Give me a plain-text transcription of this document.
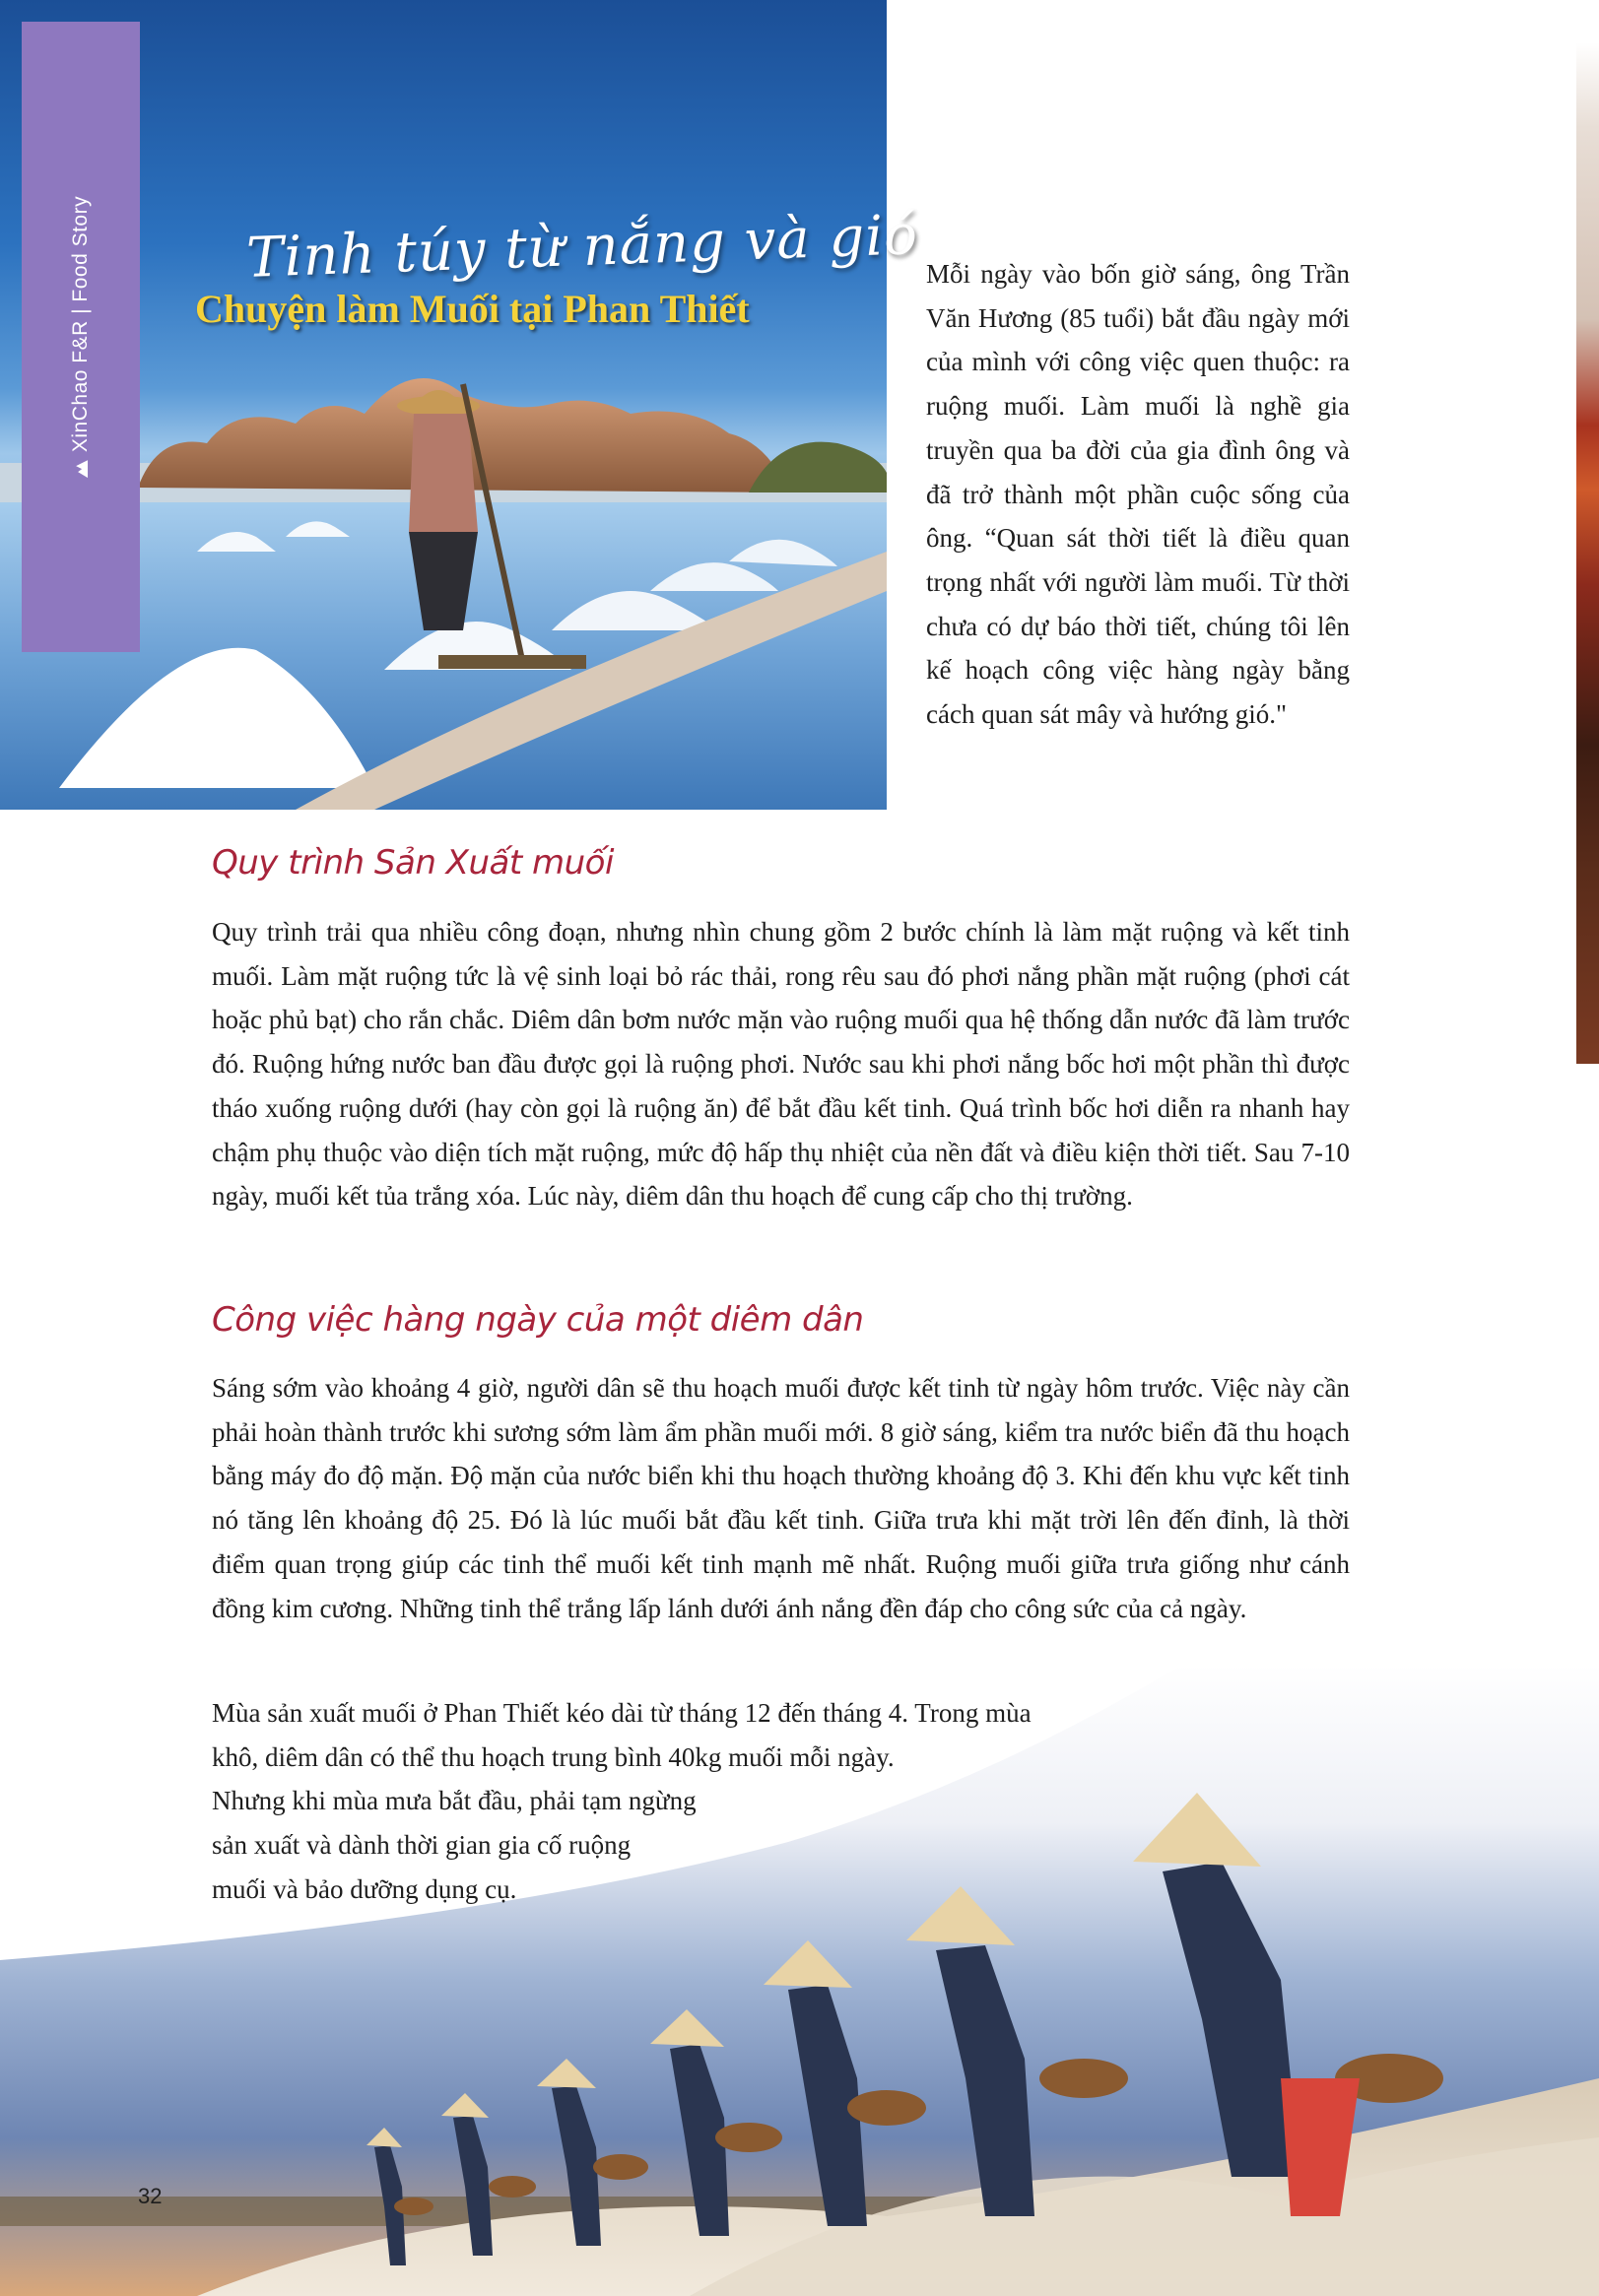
XinChao F&R | Food Story	Tinh túy từ nắng và gió
Chuyện làm Muối tại Phan Thiết
Mỗi ngày vào bốn giờ sáng, ông Trần Văn Hương (85 tuổi) bắt đầu ngày mới của mình với công việc quen thuộc: ra ruộng muối. Làm muối là nghề gia truyền qua ba đời của gia đình ông và đã trở thành một phần cuộc sống của ông. “Quan sát thời tiết là điều quan trọng nhất với người làm muối. Từ thời chưa có dự báo thời tiết, chúng tôi lên kế hoạch công việc hàng ngày bằng cách quan sát mây và hướng gió."
Quy trình Sản Xuất muối
Quy trình trải qua nhiều công đoạn, nhưng nhìn chung gồm 2 bước chính là làm mặt ruộng và kết tinh muối. Làm mặt ruộng tức là vệ sinh loại bỏ rác thải, rong rêu sau đó phơi nắng phần mặt ruộng (phơi cát hoặc phủ bạt) cho rắn chắc. Diêm dân bơm nước mặn vào ruộng muối qua hệ thống dẫn nước đã làm trước đó. Ruộng hứng nước ban đầu được gọi là ruộng phơi. Nước sau khi phơi nắng bốc hơi một phần thì được tháo xuống ruộng dưới (hay còn gọi là ruộng ăn) để bắt đầu kết tinh. Quá trình bốc hơi diễn ra nhanh hay chậm phụ thuộc vào diện tích mặt ruộng, mức độ hấp thụ nhiệt của nền đất và điều kiện thời tiết. Sau 7-10 ngày, muối kết tủa trắng xóa. Lúc này, diêm dân thu hoạch để cung cấp cho thị trường.
Công việc hàng ngày của một diêm dân
Sáng sớm vào khoảng 4 giờ, người dân sẽ thu hoạch muối được kết tinh từ ngày hôm trước. Việc này cần phải hoàn thành trước khi sương sớm làm ẩm phần muối mới. 8 giờ sáng, kiểm tra nước biển đã thu hoạch bằng máy đo độ mặn. Độ mặn của nước biển khi thu hoạch thường khoảng độ 3. Khi đến khu vực kết tinh nó tăng lên khoảng độ 25. Đó là lúc muối bắt đầu kết tinh. Giữa trưa khi mặt trời lên đến đỉnh, là thời điểm quan trọng giúp các tinh thể muối kết tinh mạnh mẽ nhất. Ruộng muối giữa trưa giống như cánh đồng kim cương. Những tinh thể trắng lấp lánh dưới ánh nắng đền đáp cho công sức của cả ngày.
Mùa sản xuất muối ở Phan Thiết kéo dài từ tháng 12 đến tháng 4. Trong mùa
khô, diêm dân có thể thu hoạch trung bình 40kg muối mỗi ngày.
Nhưng khi mùa mưa bắt đầu, phải tạm ngừng
sản xuất và dành thời gian gia cố ruộng
muối và bảo dưỡng dụng cụ.
32
